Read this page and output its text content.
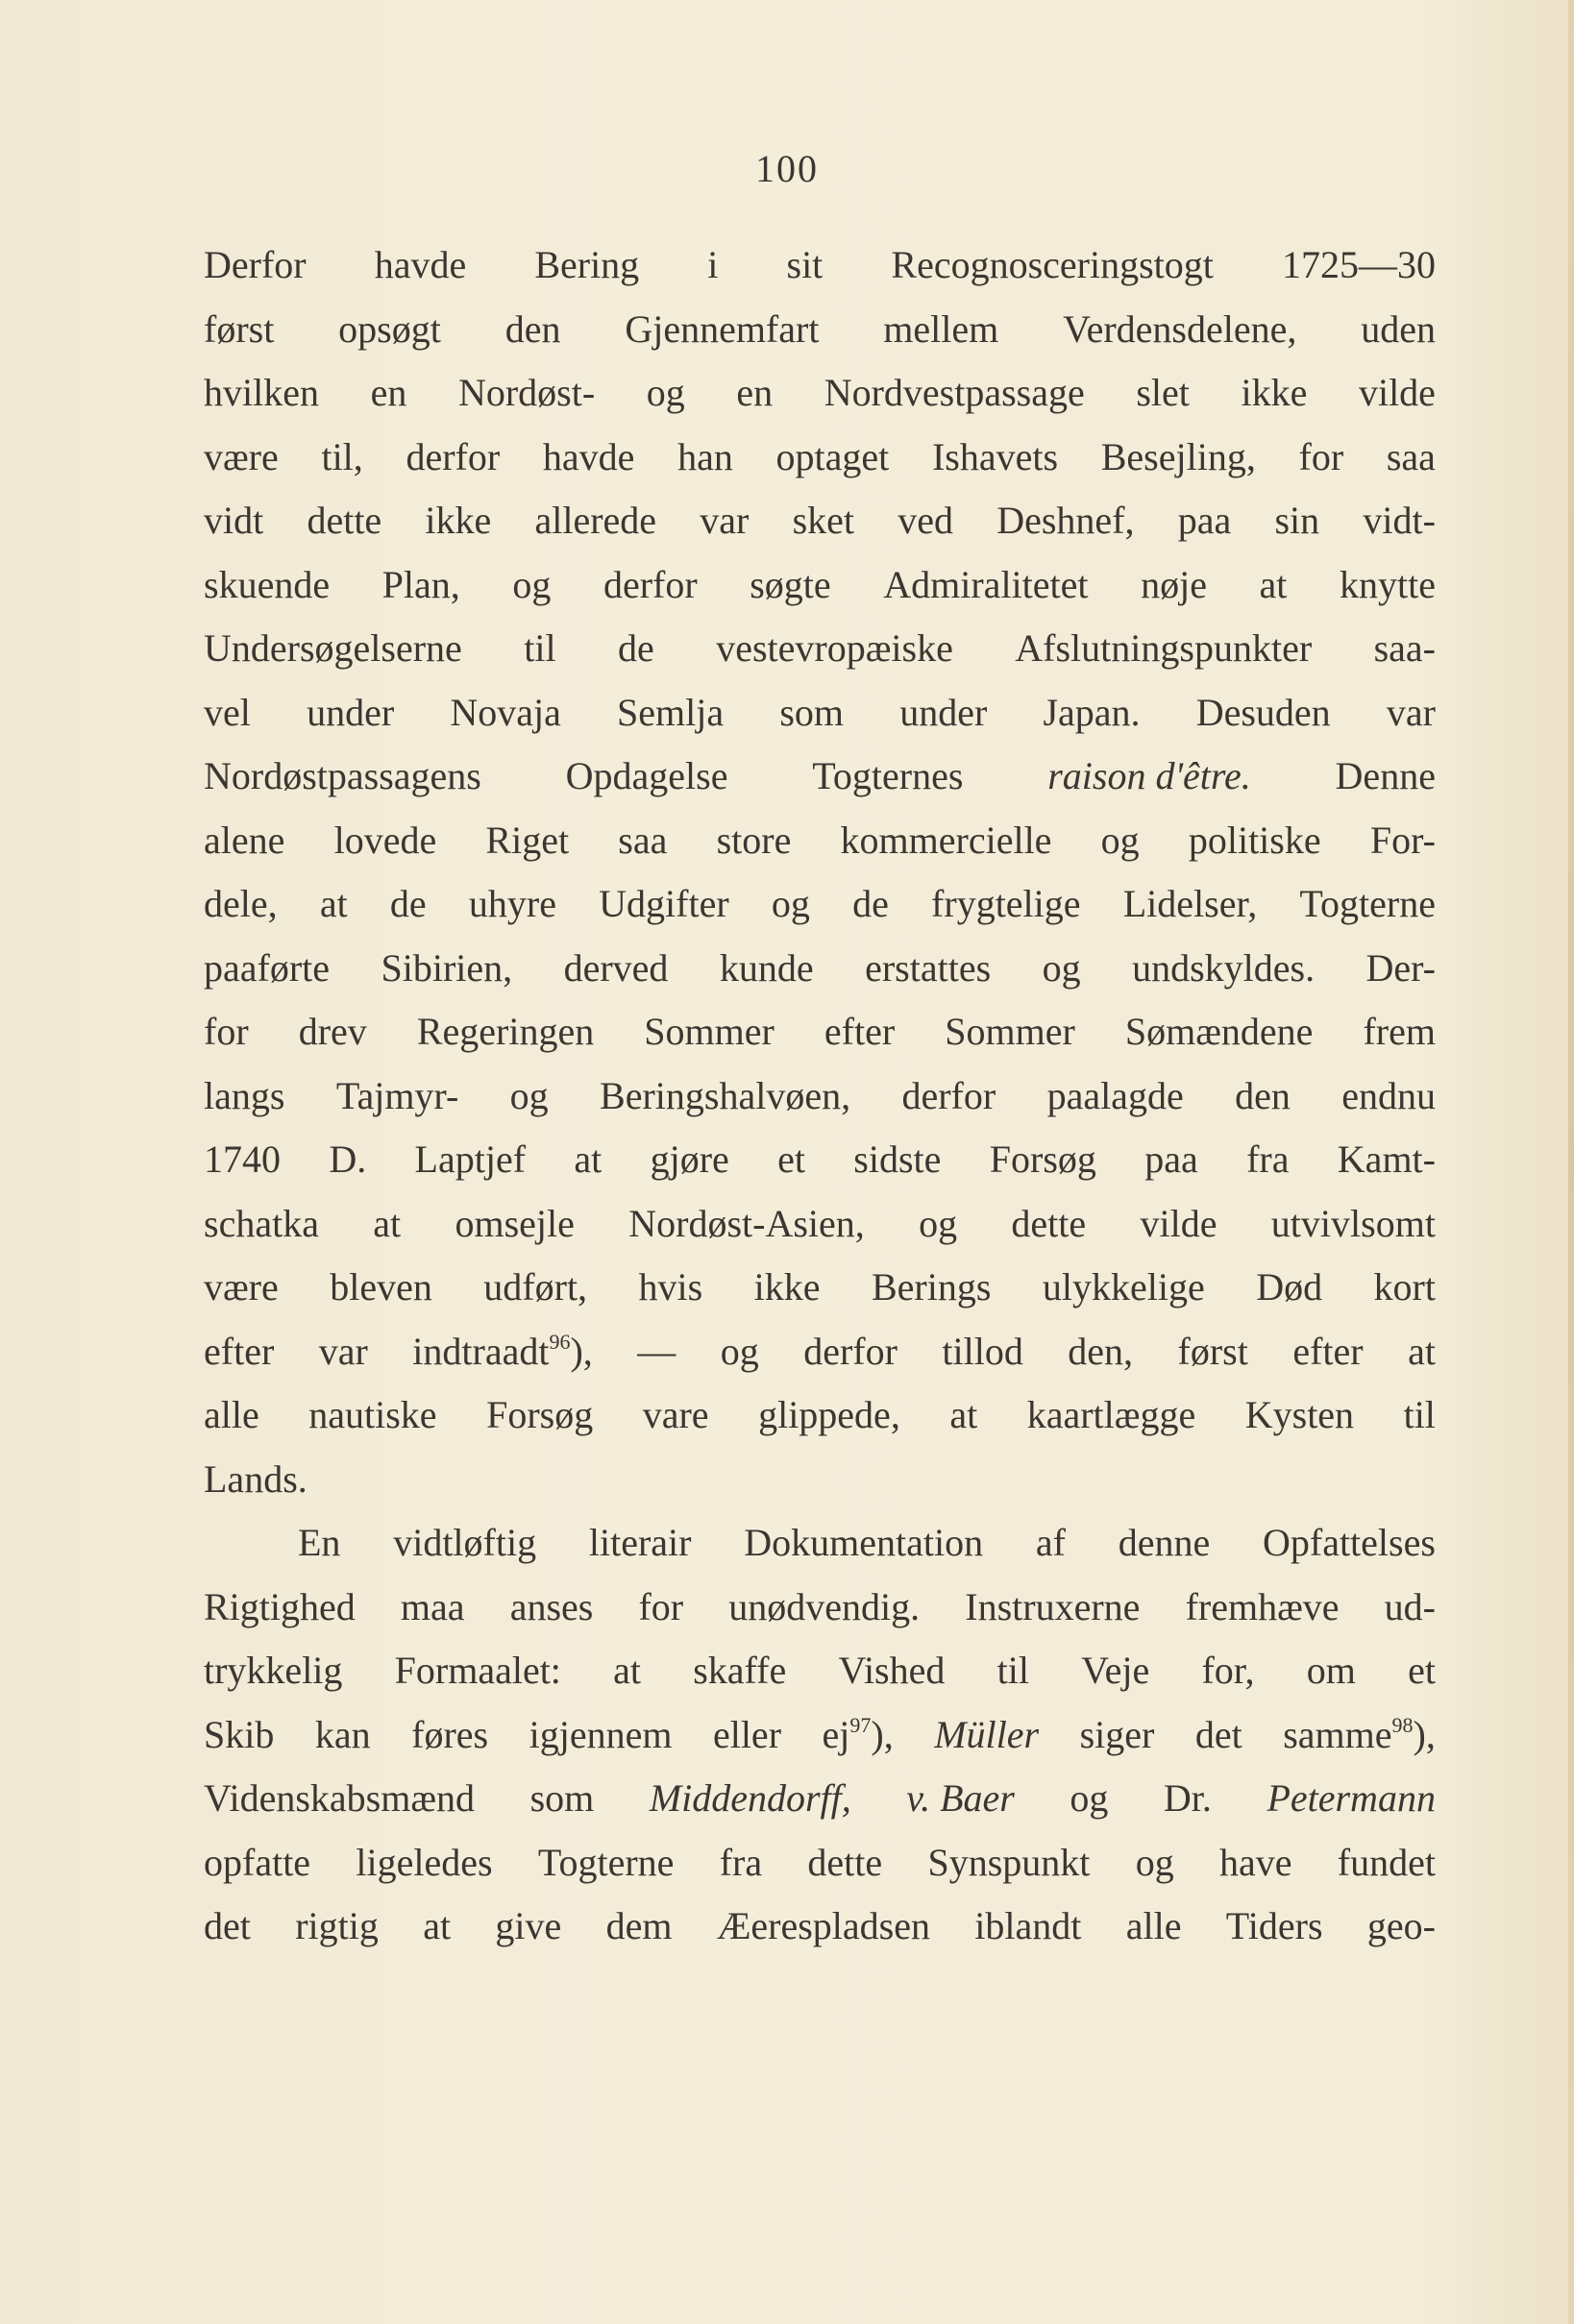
100
Derfor havde Bering i sit Recognosceringstogt 1725—30
først opsøgt den Gjennemfart mellem Verdensdelene, uden
hvilken en Nordøst- og en Nordvestpassage slet ikke vilde
være til, derfor havde han optaget Ishavets Besejling, for saa
vidt dette ikke allerede var sket ved Deshnef, paa sin vidt-
skuende Plan, og derfor søgte Admiralitetet nøje at knytte
Undersøgelserne til de vestevropæiske Afslutningspunkter saa-
vel under Novaja Semlja som under Japan. Desuden var
Nordøstpassagens Opdagelse Togternes raison d'être. Denne
alene lovede Riget saa store kommercielle og politiske For-
dele, at de uhyre Udgifter og de frygtelige Lidelser, Togterne
paaførte Sibirien, derved kunde erstattes og undskyldes. Der-
for drev Regeringen Sommer efter Sommer Sømændene frem
langs Tajmyr- og Beringshalvøen, derfor paalagde den endnu
1740 D. Laptjef at gjøre et sidste Forsøg paa fra Kamt-
schatka at omsejle Nordøst-Asien, og dette vilde utvivlsomt
være bleven udført, hvis ikke Berings ulykkelige Død kort
efter var indtraadt$^{96}$), — og derfor tillod den, først efter at
alle nautiske Forsøg vare glippede, at kaartlægge Kysten til
Lands.
En vidtløftig literair Dokumentation af denne Opfattelses
Rigtighed maa anses for unødvendig. Instruxerne fremhæve ud-
trykkelig Formaalet: at skaffe Vished til Veje for, om et
Skib kan føres igjennem eller $ej^{97}$), Müller siger det samme$^{98}$),
Videnskabsmænd som Middendorff, v. Baer og Dr. Petermann
opfatte ligeledes Togterne fra dette Synspunkt og have fundet
det rigtig at give dem Æerespladsen iblandt alle Tiders geo-
